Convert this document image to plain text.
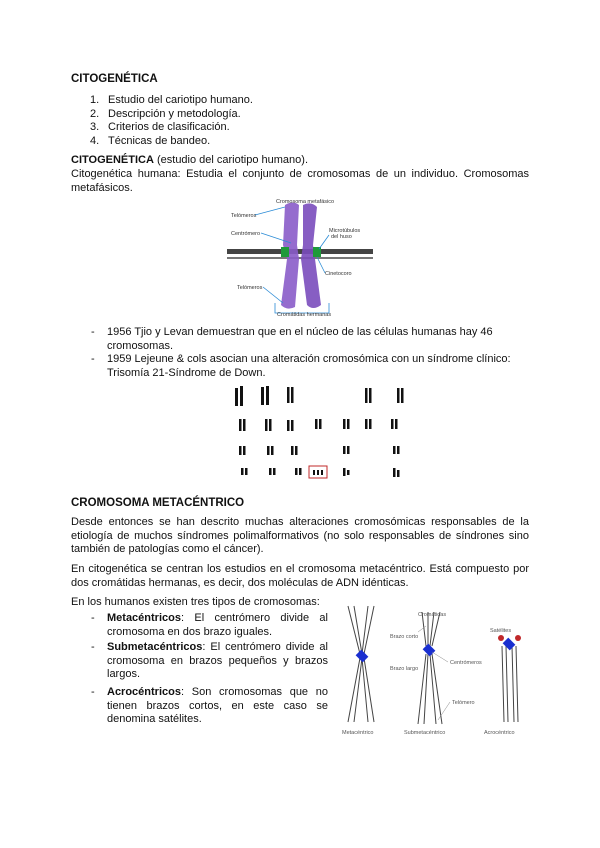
CITOGENÉTICA
1. Estudio del cariotipo humano.
2. Descripción y metodología.
3. Criterios de clasificación.
4. Técnicas de bandeo.
CITOGENÉTICA (estudio del cariotipo humano).
Citogenética humana: Estudia el conjunto de cromosomas de un individuo. Cromosomas metafásicos.
Cromosoma metafásico
Telómeros
Centrómero	Microtúbulos
del huso
Cinetocoro
Telómeros
Cromátidas hermanas
- 1956 Tjio y Levan demuestran que en el núcleo de las células humanas hay 46
cromosomas.
- 1959 Lejeune & cols asocian una alteración cromosómica con un síndrome clínico:
Trisomía 21-Síndrome de Down.
CROMOSOMA METACÉNTRICO
Desde entonces se han descrito muchas alteraciones cromosómicas responsables de la etiología de muchos síndromes polimalformativos (no solo responsables de síndrones sino también de patologías como el cáncer).
En citogenética se centran los estudios en el cromosoma metacéntrico. Está compuesto por dos cromátidas hermanas, es decir, dos moléculas de ADN idénticas.
En los humanos existen tres tipos de cromosomas:
- Metacéntricos: El centrómero divide al cromosoma en dos brazo iguales.
- Submetacéntricos: El centrómero divide al cromosoma en brazos pequeños y brazos largos.
- Acrocéntricos: Son cromosomas que no tienen brazos cortos, en este caso se denomina satélites.
Cromátidas
Brazo corto
Brazo largo
Centrómeros
Telómero
Satélites
Metacéntrico	Submetacéntrico	Acrocéntrico
